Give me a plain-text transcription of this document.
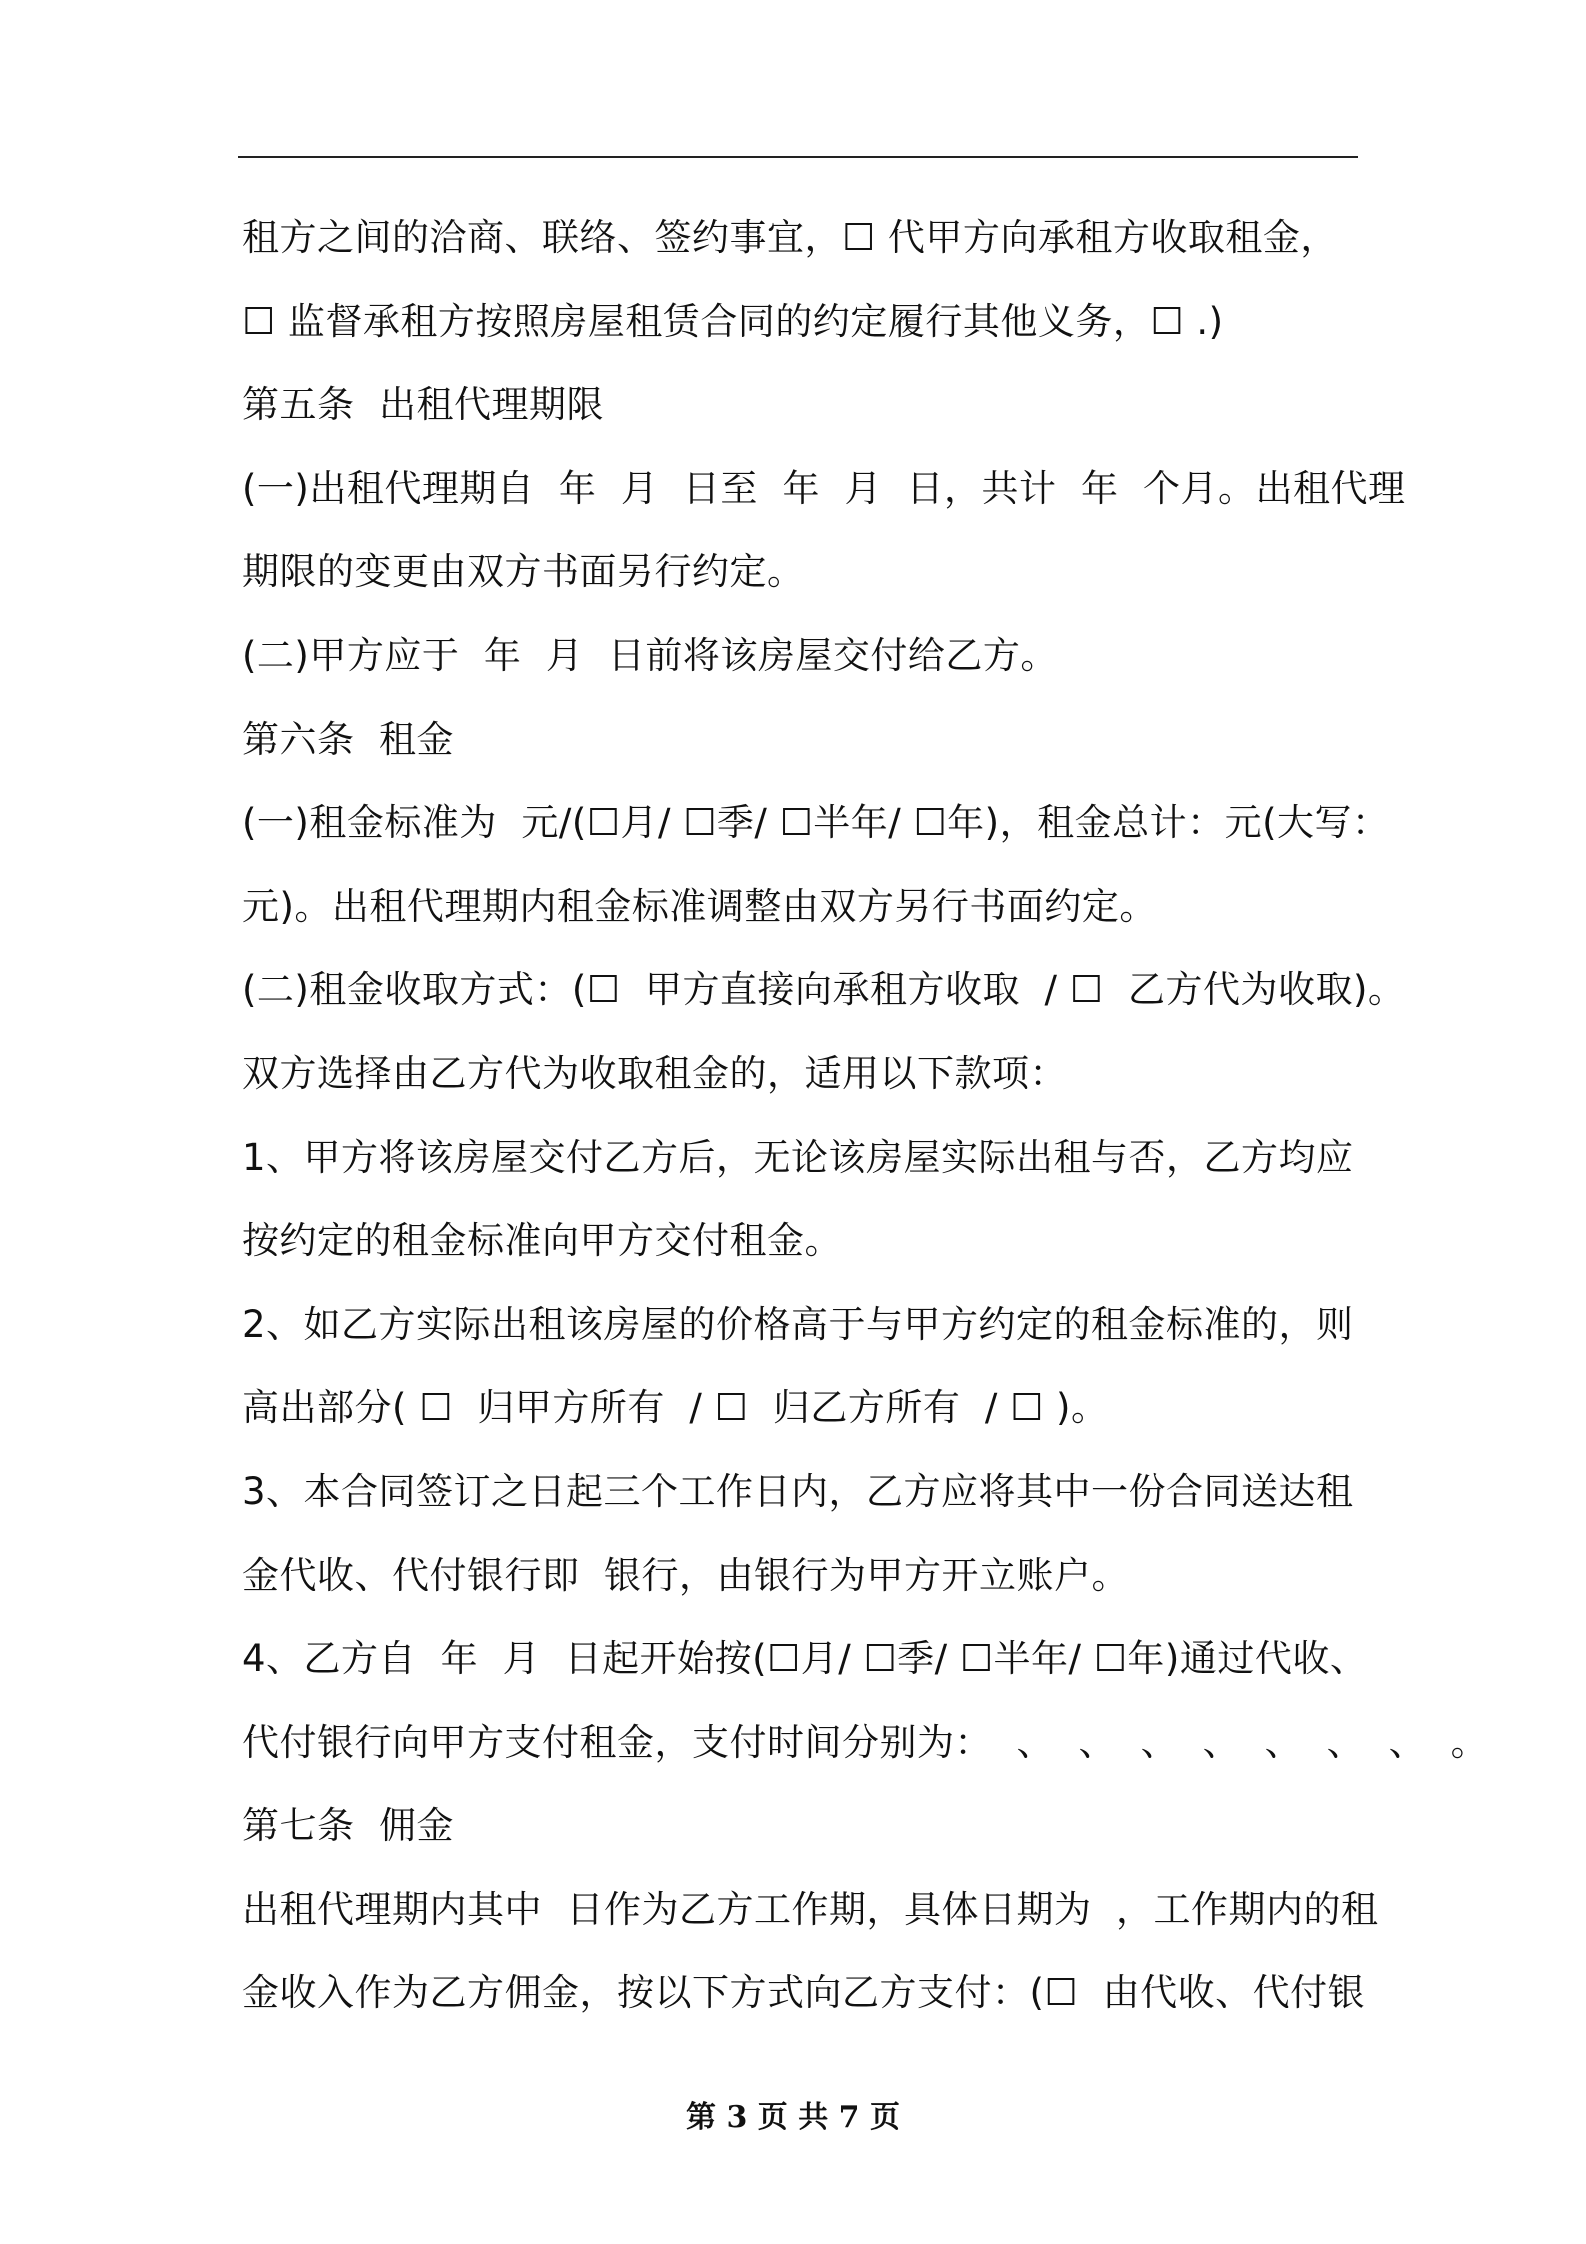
租方之间的洽商、联络、签约事宜，☐ 代甲方向承租方收取租金，
☐ 监督承租方按照房屋租赁合同的约定履行其他义务，☐ .)
第五条  出租代理期限
(一)出租代理期自  年  月  日至  年  月  日，共计  年  个月。出租代理
期限的变更由双方书面另行约定。
(二)甲方应于  年  月  日前将该房屋交付给乙方。
第六条  租金
(一)租金标准为  元/(☐月/ ☐季/ ☐半年/ ☐年)，租金总计：元(大写：
元)。出租代理期内租金标准调整由双方另行书面约定。
(二)租金收取方式：(☐  甲方直接向承租方收取  / ☐  乙方代为收取)。
双方选择由乙方代为收取租金的，适用以下款项：
1、甲方将该房屋交付乙方后，无论该房屋实际出租与否，乙方均应
按约定的租金标准向甲方交付租金。
2、如乙方实际出租该房屋的价格高于与甲方约定的租金标准的，则
高出部分( ☐  归甲方所有  / ☐  归乙方所有  / ☐ )。
3、本合同签订之日起三个工作日内，乙方应将其中一份合同送达租
金代收、代付银行即  银行，由银行为甲方开立账户。
4、乙方自  年  月  日起开始按(☐月/ ☐季/ ☐半年/ ☐年)通过代收、
代付银行向甲方支付租金，支付时间分别为：  、  、  、  、  、  、  、  。
第七条  佣金
出租代理期内其中  日作为乙方工作期，具体日期为  ，工作期内的租
金收入作为乙方佣金，按以下方式向乙方支付：(☐  由代收、代付银
第 3 页 共 7 页
